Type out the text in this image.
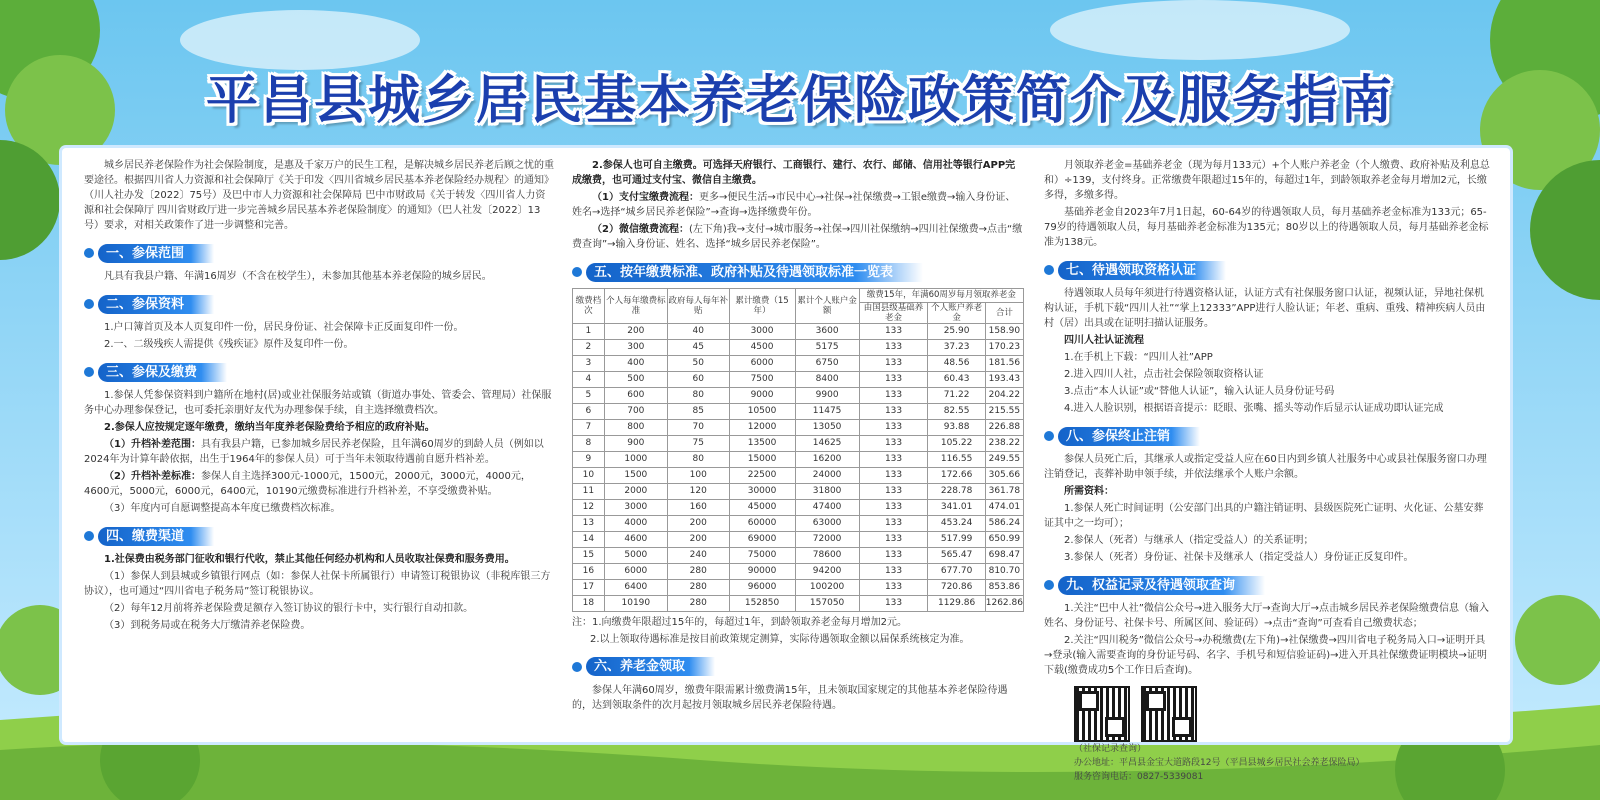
平昌县城乡居民基本养老保险政策简介及服务指南

城乡居民养老保险作为社会保险制度，是惠及千家万户的民生工程，是解决城乡居民养老后顾之忧的重要途径。根据四川省人力资源和社会保障厅《关于印发〈四川省城乡居民基本养老保险经办规程〉的通知》（川人社办发〔2022〕75号）及巴中市人力资源和社会保障局 巴中市财政局《关于转发〈四川省人力资源和社会保障厅 四川省财政厅进一步完善城乡居民基本养老保险制度〉的通知》（巴人社发〔2022〕13号）要求，对相关政策作了进一步调整和完善。

一、参保范围

凡具有我县户籍、年满16周岁（不含在校学生），未参加其他基本养老保险的城乡居民。

二、参保资料

1.户口簿首页及本人页复印件一份，居民身份证、社会保障卡正反面复印件一份。

2.一、二级残疾人需提供《残疾证》原件及复印件一份。

三、参保及缴费

1.参保人凭参保资料到户籍所在地村(居)或业社保服务站或镇（街道办事处、管委会、管理局）社保服务中心办理参保登记，也可委托亲朋好友代为办理参保手续，自主选择缴费档次。

2.参保人应按规定逐年缴费，缴纳当年度养老保险费给予相应的政府补贴。

（1）升档补差范围：具有我县户籍，已参加城乡居民养老保险，且年满60周岁的到龄人员（例如以2024年为计算年龄依据，出生于1964年的参保人员）可于当年未领取待遇前自愿升档补差。

（2）升档补差标准：参保人自主选择300元-1000元，1500元，2000元，3000元，4000元，4600元，5000元，6000元，6400元，10190元缴费标准进行升档补差，不享受缴费补贴。

（3）年度内可自愿调整提高本年度已缴费档次标准。

四、缴费渠道

1.社保费由税务部门征收和银行代收，禁止其他任何经办机构和人员收取社保费和服务费用。

（1）参保人到县城或乡镇银行网点（如：参保人社保卡所属银行）申请签订税银协议（非税库银三方协议），也可通过“四川省电子税务局”签订税银协议。

（2）每年12月前将养老保险费足额存入签订协议的银行卡中，实行银行自动扣款。

（3）到税务局或在税务大厅缴清养老保险费。

2.参保人也可自主缴费。可选择天府银行、工商银行、建行、农行、邮储、信用社等银行APP完成缴费，也可通过支付宝、微信自主缴费。

（1）支付宝缴费流程：更多→便民生活→市民中心→社保→社保缴费→工银e缴费→输入身份证、姓名→选择“城乡居民养老保险”→查询→选择缴费年份。

（2）微信缴费流程：(左下角)我→支付→城市服务→社保→四川社保缴纳→四川社保缴费→点击“缴费查询”→输入身份证、姓名、选择“城乡居民养老保险”。

五、按年缴费标准、政府补贴及待遇领取标准一览表
缴费档次	个人每年缴费标准	政府每人每年补贴	累计缴费（15年）	累计个人账户金额	缴费15年，年满60周岁每月领取养老金		
					由国县级基础养老金	个人账户养老金	合计
1	200	40	3000	3600	133	25.90	158.90
2	300	45	4500	5175	133	37.23	170.23
3	400	50	6000	6750	133	48.56	181.56
4	500	60	7500	8400	133	60.43	193.43
5	600	80	9000	9900	133	71.22	204.22
6	700	85	10500	11475	133	82.55	215.55
7	800	70	12000	13050	133	93.88	226.88
8	900	75	13500	14625	133	105.22	238.22
9	1000	80	15000	16200	133	116.55	249.55
10	1500	100	22500	24000	133	172.66	305.66
11	2000	120	30000	31800	133	228.78	361.78
12	3000	160	45000	47400	133	341.01	474.01
13	4000	200	60000	63000	133	453.24	586.24
14	4600	200	69000	72000	133	517.99	650.99
15	5000	240	75000	78600	133	565.47	698.47
16	6000	280	90000	94200	133	677.70	810.70
17	6400	280	96000	100200	133	720.86	853.86
18	10190	280	152850	157050	133	1129.86	1262.86

注：1.向缴费年限超过15年的，每超过1年，到龄领取养老金每月增加2元。

2.以上领取待遇标准是按目前政策规定测算，实际待遇领取金额以届保系统核定为准。

六、养老金领取

参保人年满60周岁，缴费年限需累计缴费满15年，且未领取国家规定的其他基本养老保险待遇的，达到领取条件的次月起按月领取城乡居民养老保险待遇。

月领取养老金=基础养老金（现为每月133元）+个人账户养老金（个人缴费、政府补贴及利息总和）÷139，支付终身。正常缴费年限超过15年的，每超过1年，到龄领取养老金每月增加2元，长缴多得，多缴多得。

基础养老金自2023年7月1日起，60-64岁的待遇领取人员，每月基础养老金标准为133元；65-79岁的待遇领取人员，每月基础养老金标准为135元；80岁以上的待遇领取人员，每月基础养老金标准为138元。

七、待遇领取资格认证

待遇领取人员每年须进行待遇资格认证，认证方式有社保服务窗口认证，视频认证，异地社保机构认证，手机下载“四川人社”“掌上12333”APP进行人脸认证；年老、重病、重残、精神疾病人员由村（居）出具或在证明扫描认证服务。

四川人社认证流程

1.在手机上下载：“四川人社”APP

2.进入四川人社，点击社会保险领取资格认证

3.点击“本人认证”或“替他人认证”，输入认证人员身份证号码

4.进入人脸识别，根据语音提示：眨眼、张嘴、摇头等动作后显示认证成功即认证完成

八、参保终止注销

参保人员死亡后，其继承人或指定受益人应在60日内到乡镇人社服务中心或县社保服务窗口办理注销登记，丧葬补助申领手续，并依法继承个人账户余额。

所需资料：

1.参保人死亡时间证明（公安部门出具的户籍注销证明、县级医院死亡证明、火化证、公墓安葬证其中之一均可）；

2.参保人（死者）与继承人（指定受益人）的关系证明；

3.参保人（死者）身份证、社保卡及继承人（指定受益人）身份证正反复印件。

九、权益记录及待遇领取查询

1.关注“巴中人社”微信公众号→进入服务大厅→查询大厅→点击城乡居民养老保险缴费信息（输入姓名、身份证号、社保卡号、所属区间、验证码）→点击“查询”可查看自己缴费状态；

2.关注“四川税务”微信公众号→办税缴费(左下角)→社保缴费→四川省电子税务局入口→证明开具→登录(输入需要查询的身份证号码、名字、手机号和短信验证码)→进入开具社保缴费证明模块→证明下载(缴费成功5个工作日后查询)。

（社保记录查询）
办公地址：平昌县金宝大道路段12号（平昌县城乡居民社会养老保险局）
服务咨询电话：0827-5339081
